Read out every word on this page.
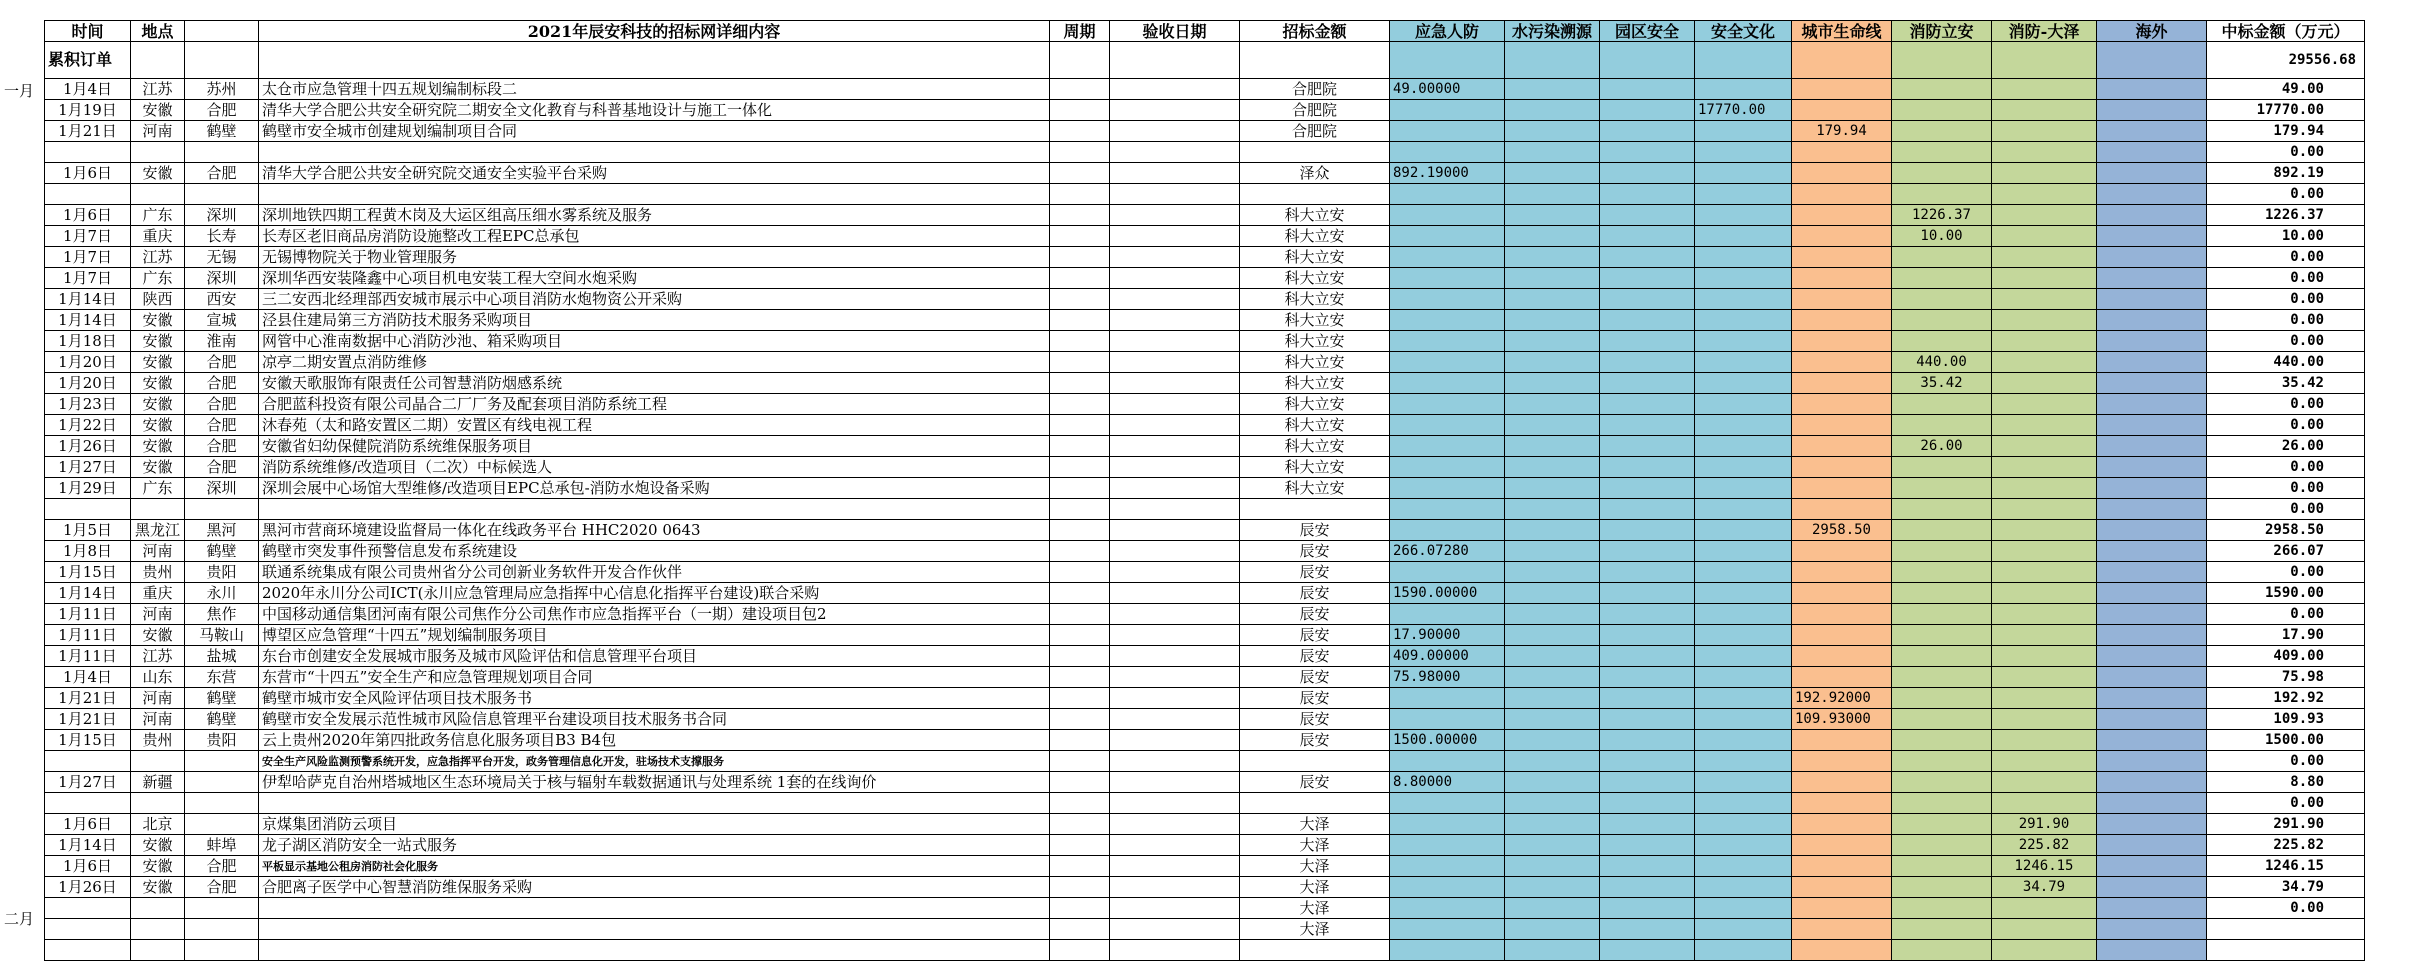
一月
二月
时间	地点		2021年辰安科技的招标网详细内容	周期	验收日期	招标金额	应急人防	水污染溯源	园区安全	安全文化	城市生命线	消防立安	消防-大泽	海外	中标金额（万元）
累积订单															29556.68
1月4日	江苏	苏州	太仓市应急管理十四五规划编制标段二			合肥院	49.00000								49.00
1月19日	安徽	合肥	清华大学合肥公共安全研究院二期安全文化教育与科普基地设计与施工一体化			合肥院				17770.00					17770.00
1月21日	河南	鹤壁	鹤壁市安全城市创建规划编制项目合同			合肥院					179.94				179.94
															0.00
1月6日	安徽	合肥	清华大学合肥公共安全研究院交通安全实验平台采购			泽众	892.19000								892.19
															0.00
1月6日	广东	深圳	深圳地铁四期工程黄木岗及大运区组高压细水雾系统及服务			科大立安						1226.37			1226.37
1月7日	重庆	长寿	长寿区老旧商品房消防设施整改工程EPC总承包			科大立安						10.00			10.00
1月7日	江苏	无锡	无锡博物院关于物业管理服务			科大立安									0.00
1月7日	广东	深圳	深圳华西安装隆鑫中心项目机电安装工程大空间水炮采购			科大立安									0.00
1月14日	陕西	西安	三二安西北经理部西安城市展示中心项目消防水炮物资公开采购			科大立安									0.00
1月14日	安徽	宣城	泾县住建局第三方消防技术服务采购项目			科大立安									0.00
1月18日	安徽	淮南	网管中心淮南数据中心消防沙池、箱采购项目			科大立安									0.00
1月20日	安徽	合肥	凉亭二期安置点消防维修			科大立安						440.00			440.00
1月20日	安徽	合肥	安徽天歌服饰有限责任公司智慧消防烟感系统			科大立安						35.42			35.42
1月23日	安徽	合肥	合肥蓝科投资有限公司晶合二厂厂务及配套项目消防系统工程			科大立安									0.00
1月22日	安徽	合肥	沐春苑（太和路安置区二期）安置区有线电视工程			科大立安									0.00
1月26日	安徽	合肥	安徽省妇幼保健院消防系统维保服务项目			科大立安						26.00			26.00
1月27日	安徽	合肥	消防系统维修/改造项目（二次）中标候选人			科大立安									0.00
1月29日	广东	深圳	深圳会展中心场馆大型维修/改造项目EPC总承包-消防水炮设备采购			科大立安									0.00
															0.00
1月5日	黑龙江	黑河	黑河市营商环境建设监督局一体化在线政务平台 HHC2020 0643			辰安					2958.50				2958.50
1月8日	河南	鹤壁	鹤壁市突发事件预警信息发布系统建设			辰安	266.07280								266.07
1月15日	贵州	贵阳	联通系统集成有限公司贵州省分公司创新业务软件开发合作伙伴			辰安									0.00
1月14日	重庆	永川	2020年永川分公司ICT(永川应急管理局应急指挥中心信息化指挥平台建设)联合采购			辰安	1590.00000								1590.00
1月11日	河南	焦作	中国移动通信集团河南有限公司焦作分公司焦作市应急指挥平台（一期）建设项目包2			辰安									0.00
1月11日	安徽	马鞍山	博望区应急管理“十四五”规划编制服务项目			辰安	17.90000								17.90
1月11日	江苏	盐城	东台市创建安全发展城市服务及城市风险评估和信息管理平台项目			辰安	409.00000								409.00
1月4日	山东	东营	东营市“十四五”安全生产和应急管理规划项目合同			辰安	75.98000								75.98
1月21日	河南	鹤壁	鹤壁市城市安全风险评估项目技术服务书			辰安					192.92000				192.92
1月21日	河南	鹤壁	鹤壁市安全发展示范性城市风险信息管理平台建设项目技术服务书合同			辰安					109.93000				109.93
1月15日	贵州	贵阳	云上贵州2020年第四批政务信息化服务项目B3 B4包			辰安	1500.00000								1500.00
			安全生产风险监测预警系统开发，应急指挥平台开发，政务管理信息化开发，驻场技术支撑服务												0.00
1月27日	新疆		伊犁哈萨克自治州塔城地区生态环境局关于核与辐射车载数据通讯与处理系统 1套的在线询价			辰安	8.80000								8.80
															0.00
1月6日	北京		京煤集团消防云项目			大泽							291.90		291.90
1月14日	安徽	蚌埠	龙子湖区消防安全一站式服务			大泽							225.82		225.82
1月6日	安徽	合肥	平板显示基地公租房消防社会化服务			大泽							1246.15		1246.15
1月26日	安徽	合肥	合肥离子医学中心智慧消防维保服务采购			大泽							34.79		34.79
						大泽									0.00
						大泽									
